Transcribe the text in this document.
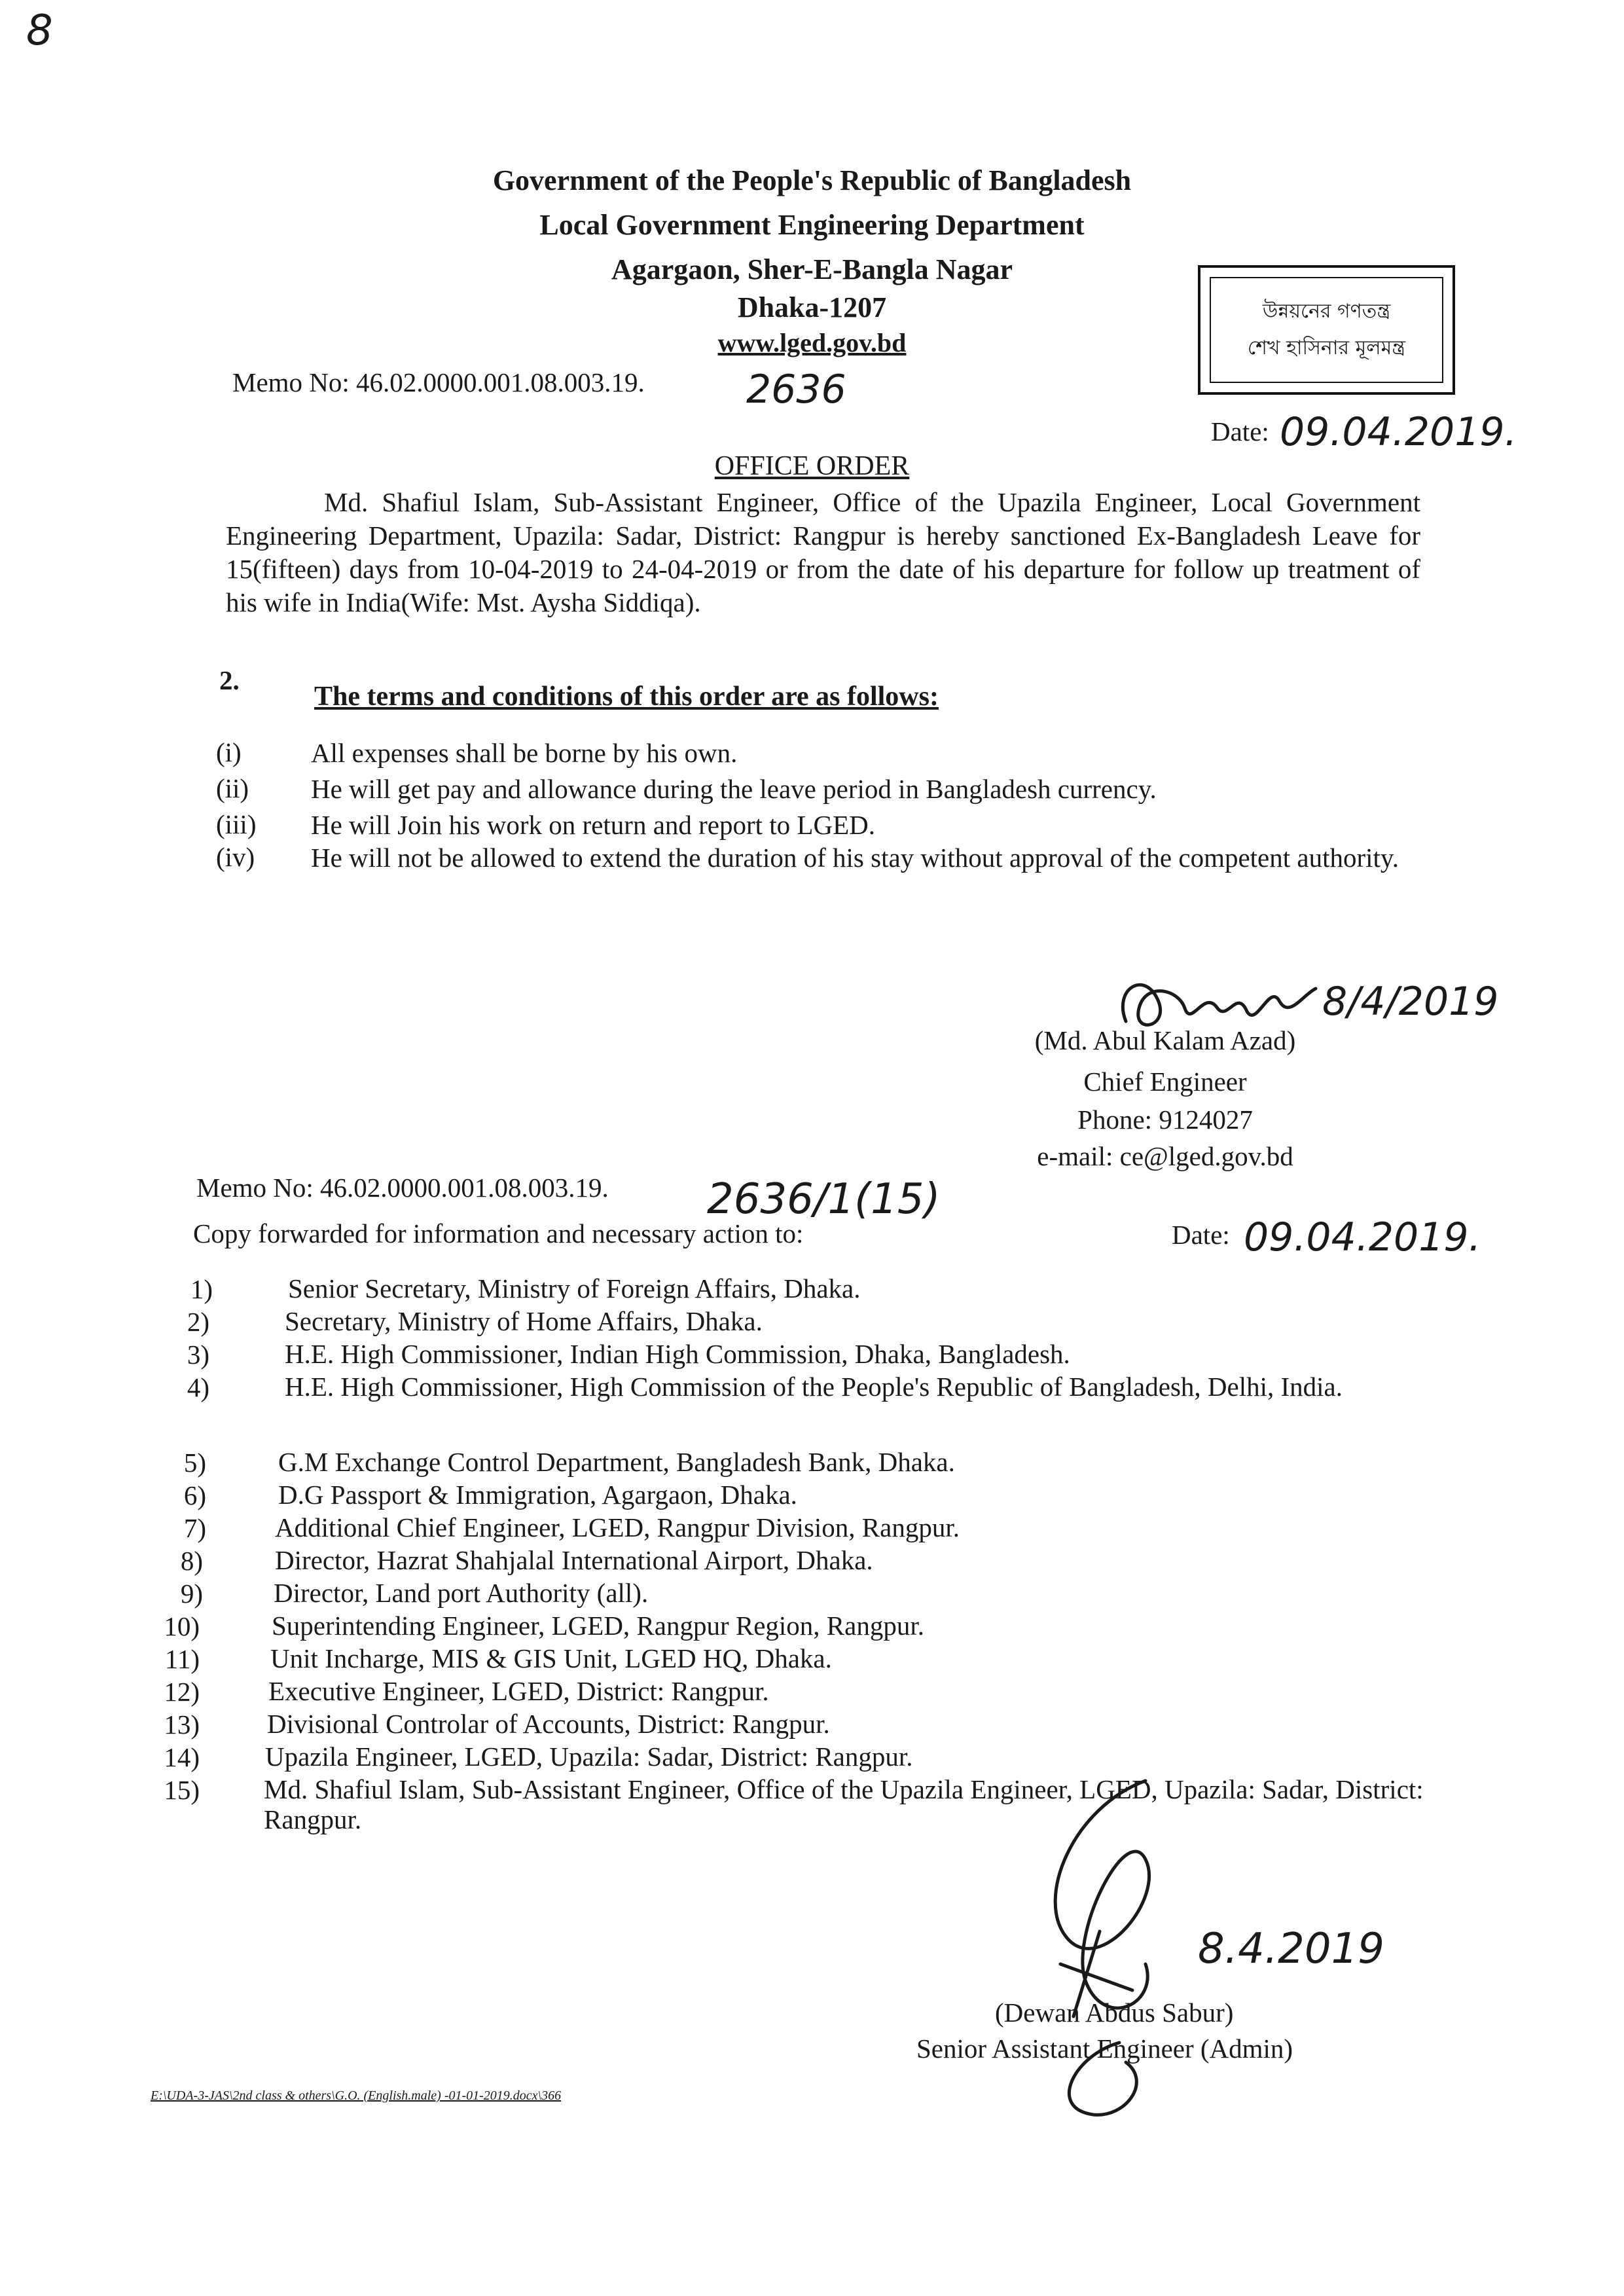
8
Government of the People's Republic of Bangladesh
Local Government Engineering Department
Agargaon, Sher-E-Bangla Nagar
Dhaka-1207
www.lged.gov.bd
উন্নয়নের গণতন্ত্র
শেখ হাসিনার মূলমন্ত্র
Memo No: 46.02.0000.001.08.003.19.	2636
Date: 09.04.2019.
OFFICE ORDER

Md. Shafiul Islam, Sub-Assistant Engineer, Office of the Upazila Engineer, Local Government Engineering Department, Upazila: Sadar, District: Rangpur is hereby sanctioned Ex-Bangladesh Leave for 15(fifteen) days from 10-04-2019 to 24-04-2019 or from the date of his departure for follow up treatment of his wife in India(Wife: Mst. Aysha Siddiqa).

2.
The terms and conditions of this order are as follows:
(i)	All expenses shall be borne by his own.
(ii) He will get pay and allowance during the leave period in Bangladesh currency.
(iii) He will Join his work on return and report to LGED.
(iv) He will not be allowed to extend the duration of his stay without approval of the competent authority.
8/4/2019
(Md. Abul Kalam Azad)
Chief Engineer
Phone: 9124027
e-mail: ce@lged.gov.bd
Memo No: 46.02.0000.001.08.003.19. 2636/1(15)
Date: 09.04.2019.
Copy forwarded for information and necessary action to:
1)	Senior Secretary, Ministry of Foreign Affairs, Dhaka.
2)	Secretary, Ministry of Home Affairs, Dhaka.
3)	H.E. High Commissioner, Indian High Commission, Dhaka, Bangladesh.
4)	H.E. High Commissioner, High Commission of the People's Republic of Bangladesh, Delhi, India.
5)	G.M Exchange Control Department, Bangladesh Bank, Dhaka.
6)	D.G Passport & Immigration, Agargaon, Dhaka.
7)	Additional Chief Engineer, LGED, Rangpur Division, Rangpur.
8)	Director, Hazrat Shahjalal International Airport, Dhaka.
9)	Director, Land port Authority (all).
10)	Superintending Engineer, LGED, Rangpur Region, Rangpur.
11)	Unit Incharge, MIS & GIS Unit, LGED HQ, Dhaka.
12)	Executive Engineer, LGED, District: Rangpur.
13)	Divisional Controlar of Accounts, District: Rangpur.
14) Upazila Engineer, LGED, Upazila: Sadar, District: Rangpur.
15) Md. Shafiul Islam, Sub-Assistant Engineer, Office of the Upazila Engineer, LGED, Upazila: Sadar, District: Rangpur.
8.4.2019
(Dewan Abdus Sabur)
Senior Assistant Engineer (Admin)
E:\UDA-3-JAS\2nd class & others\G.O. (English.male) -01-01-2019.docx\366
